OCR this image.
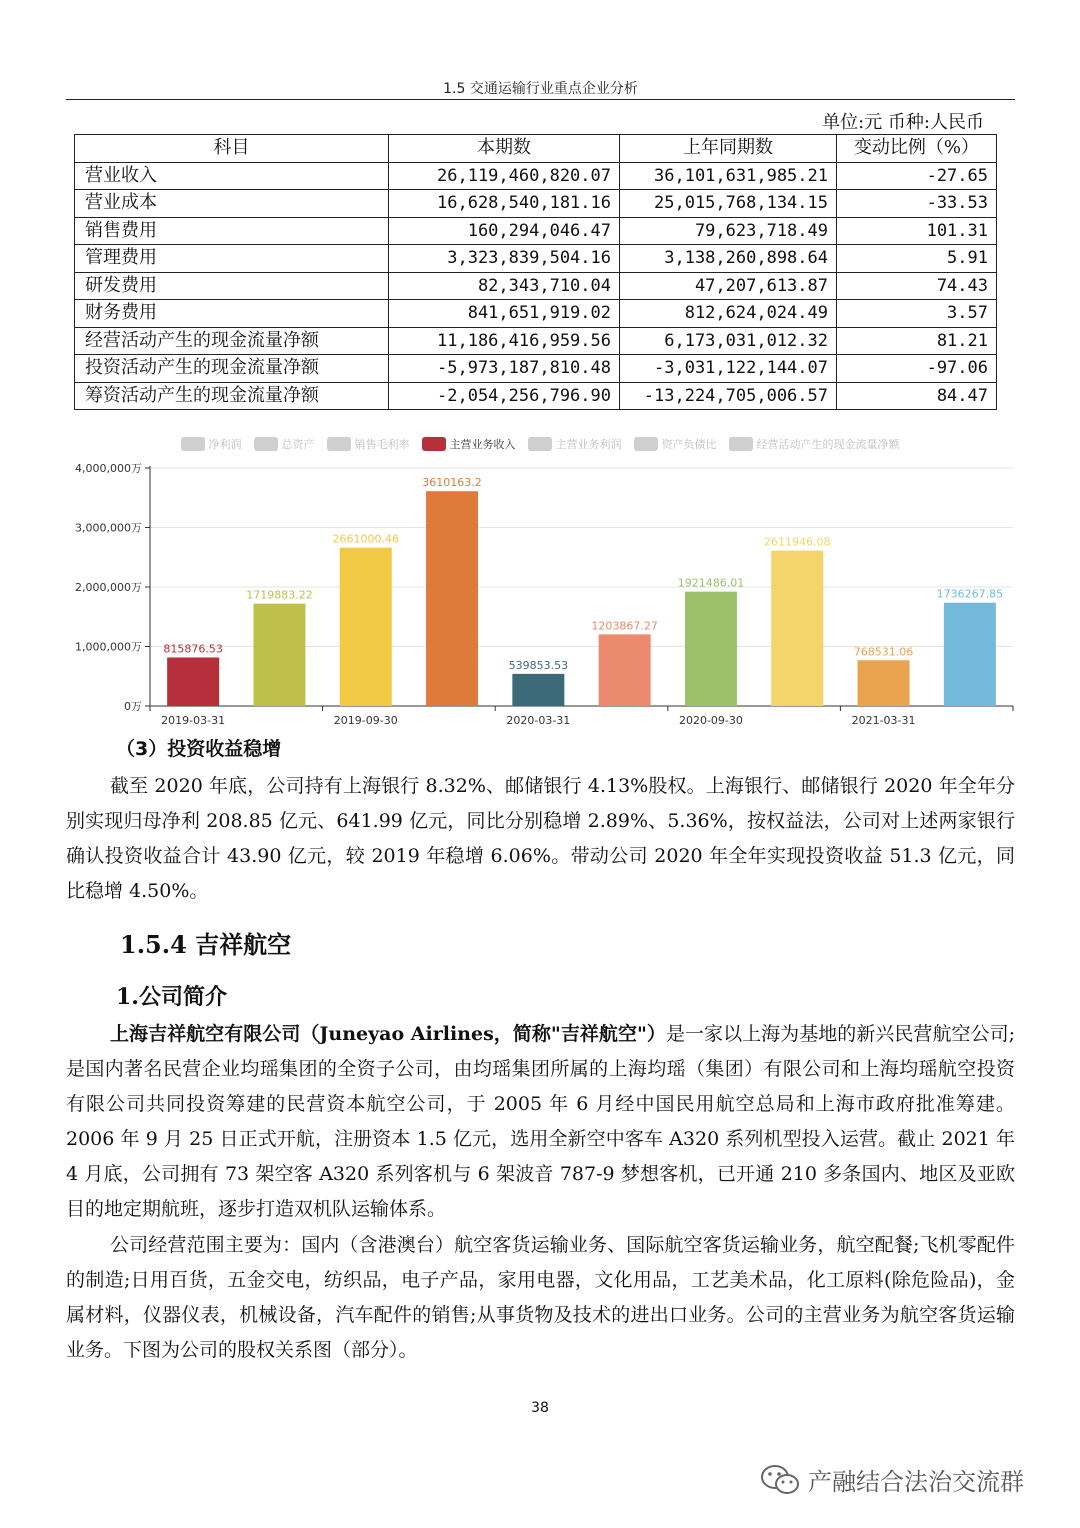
1.5 交通运输行业重点企业分析
单位:元 币种:人民币
科目	本期数	上年同期数	变动比例（%）
营业收入	26,119,460,820.07	36,101,631,985.21	-27.65
营业成本	16,628,540,181.16	25,015,768,134.15	-33.53
销售费用	160,294,046.47	79,623,718.49	101.31
管理费用	3,323,839,504.16	3,138,260,898.64	5.91
研发费用	82,343,710.04	47,207,613.87	74.43
财务费用	841,651,919.02	812,624,024.49	3.57
经营活动产生的现金流量净额	11,186,416,959.56	6,173,031,012.32	81.21
投资活动产生的现金流量净额	-5,973,187,810.48	-3,031,122,144.07	-97.06
筹资活动产生的现金流量净额	-2,054,256,796.90	-13,224,705,006.57	84.47
净利润	总资产	销售毛利率	主营业务收入	主营业务利润	资产负债比	经营活动产生的现金流量净额
0万
1,000,000万
2,000,000万
3,000,000万
4,000,000万
2019-03-31	2019-09-30	2020-03-31	2020-09-30	2021-03-31
815876.53
1719883.22
2661000.46
3610163.2
539853.53
1203867.27
1921486.01
2611946.08
768531.06
1736267.85
（3）投资收益稳增
截至 2020 年底，公司持有上海银行 8.32%、邮储银行 4.13%股权。上海银行、邮储银行 2020 年全年分别实现归母净利 208.85 亿元、641.99 亿元，同比分别稳增 2.89%、5.36%，按权益法，公司对上述两家银行确认投资收益合计 43.90 亿元，较 2019 年稳增 6.06%。带动公司 2020 年全年实现投资收益 51.3 亿元，同比稳增 4.50%。
1.5.4 吉祥航空
1.公司简介
上海吉祥航空有限公司（Juneyao Airlines，简称"吉祥航空"）是一家以上海为基地的新兴民营航空公司;是国内著名民营企业均瑶集团的全资子公司，由均瑶集团所属的上海均瑶（集团）有限公司和上海均瑶航空投资有限公司共同投资筹建的民营资本航空公司，于 2005 年 6 月经中国民用航空总局和上海市政府批准筹建。2006 年 9 月 25 日正式开航，注册资本 1.5 亿元，选用全新空中客车 A320 系列机型投入运营。截止 2021 年 4 月底，公司拥有 73 架空客 A320 系列客机与 6 架波音 787-9 梦想客机，已开通 210 多条国内、地区及亚欧目的地定期航班，逐步打造双机队运输体系。
公司经营范围主要为：国内（含港澳台）航空客货运输业务、国际航空客货运输业务，航空配餐;飞机零配件的制造;日用百货，五金交电，纺织品，电子产品，家用电器，文化用品，工艺美术品，化工原料(除危险品)，金属材料，仪器仪表，机械设备，汽车配件的销售;从事货物及技术的进出口业务。公司的主营业务为航空客货运输业务。下图为公司的股权关系图（部分）。
38
产融结合法治交流群
